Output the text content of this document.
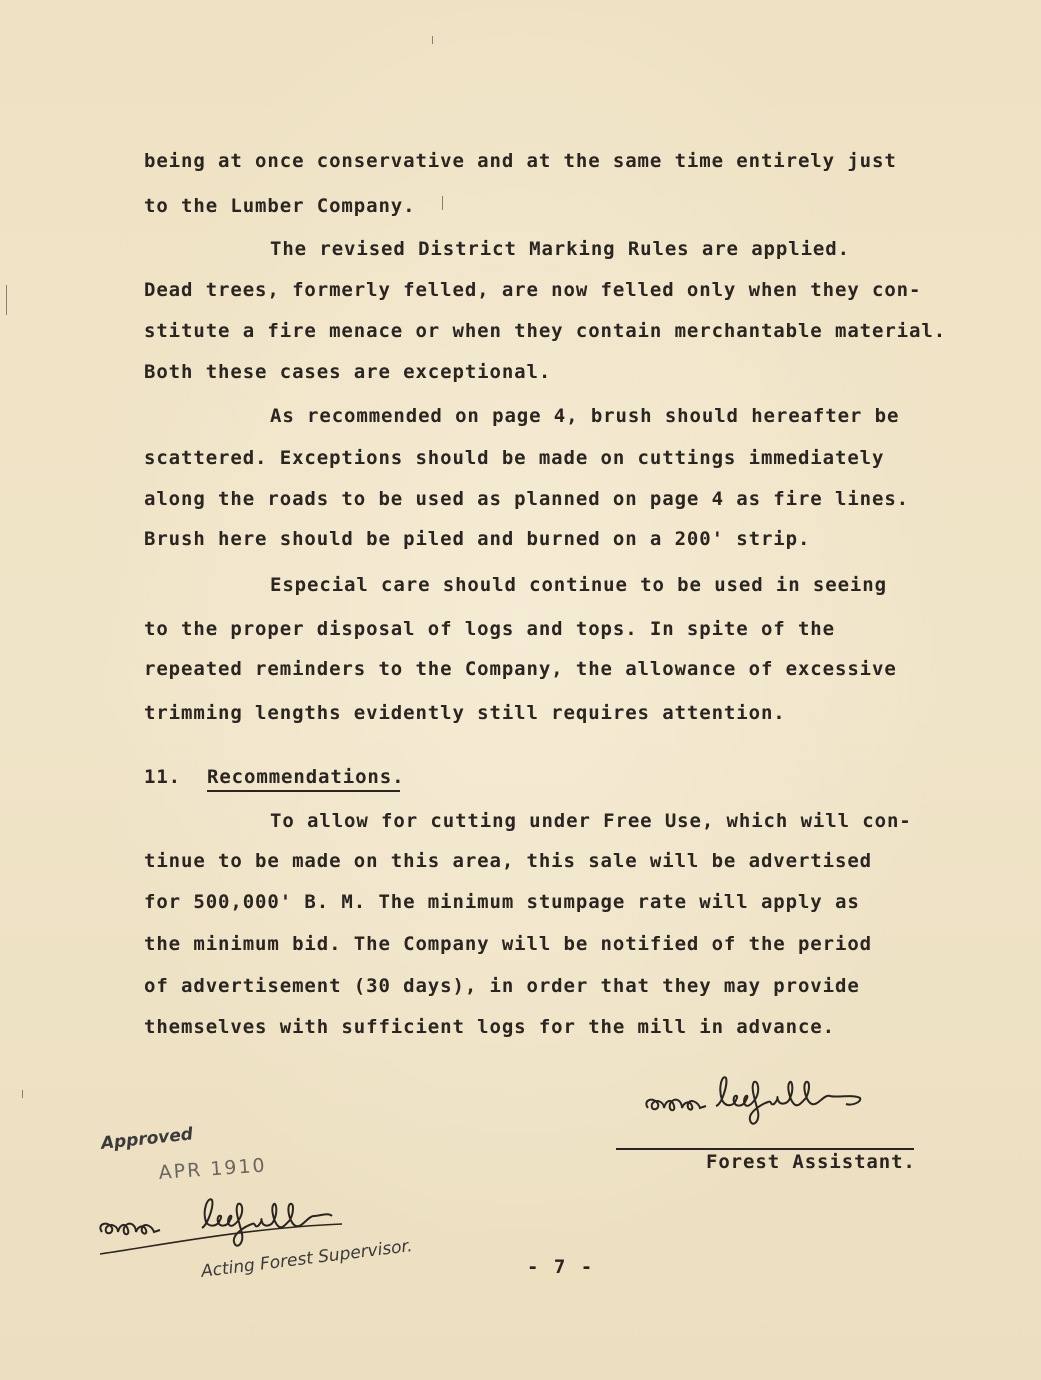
being at once conservative and at the same time entirely just
to the Lumber Company.
The revised District Marking Rules are applied.
Dead trees, formerly felled, are now felled only when they con-
stitute a fire menace or when they contain merchantable material.
Both these cases are exceptional.
As recommended on page 4, brush should hereafter be
scattered. Exceptions should be made on cuttings immediately
along the roads to be used as planned on page 4 as fire lines.
Brush here should be piled and burned on a 200' strip.
Especial care should continue to be used in seeing
to the proper disposal of logs and tops. In spite of the
repeated reminders to the Company, the allowance of excessive
trimming lengths evidently still requires attention.
11. Recommendations.
To allow for cutting under Free Use, which will con-
tinue to be made on this area, this sale will be advertised
for 500,000' B. M. The minimum stumpage rate will apply as
the minimum bid. The Company will be notified of the period
of advertisement (30 days), in order that they may provide
themselves with sufficient logs for the mill in advance.
Forest Assistant.
Approved
APR 1910
Acting Forest Supervisor.	- 7 -
